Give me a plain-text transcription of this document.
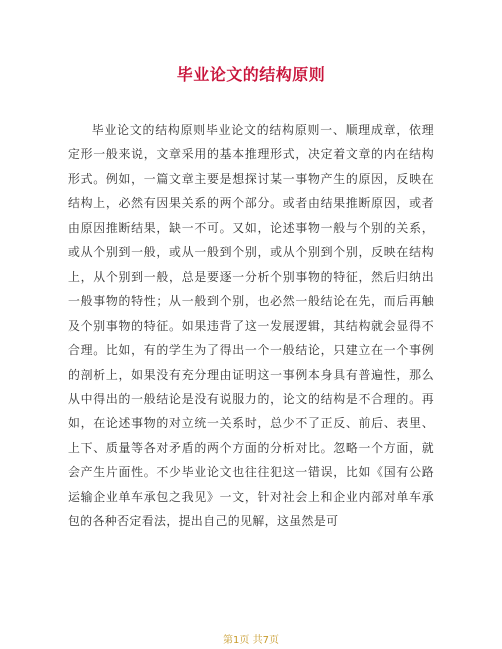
毕业论文的结构原则

毕业论文的结构原则毕业论文的结构原则一、顺理成章，依理定形一般来说，文章采用的基本推理形式，决定着文章的内在结构形式。例如，一篇文章主要是想探讨某一事物产生的原因，反映在结构上，必然有因果关系的两个部分。或者由结果推断原因，或者由原因推断结果，缺一不可。又如，论述事物一般与个别的关系，或从个别到一般，或从一般到个别，或从个别到个别，反映在结构上，从个别到一般，总是要逐一分析个别事物的特征，然后归纳出一般事物的特性；从一般到个别，也必然一般结论在先，而后再触及个别事物的特征。如果违背了这一发展逻辑，其结构就会显得不合理。比如，有的学生为了得出一个一般结论，只建立在一个事例的剖析上，如果没有充分理由证明这一事例本身具有普遍性，那么从中得出的一般结论是没有说服力的，论文的结构是不合理的。再如，在论述事物的对立统一关系时，总少不了正反、前后、表里、上下、质量等各对矛盾的两个方面的分析对比。忽略一个方面，就会产生片面性。不少毕业论文也往往犯这一错误，比如《国有公路运输企业单车承包之我见》一文，针对社会上和企业内部对单车承包的各种否定看法，提出自己的见解，这虽然是可

第1页 共7页
